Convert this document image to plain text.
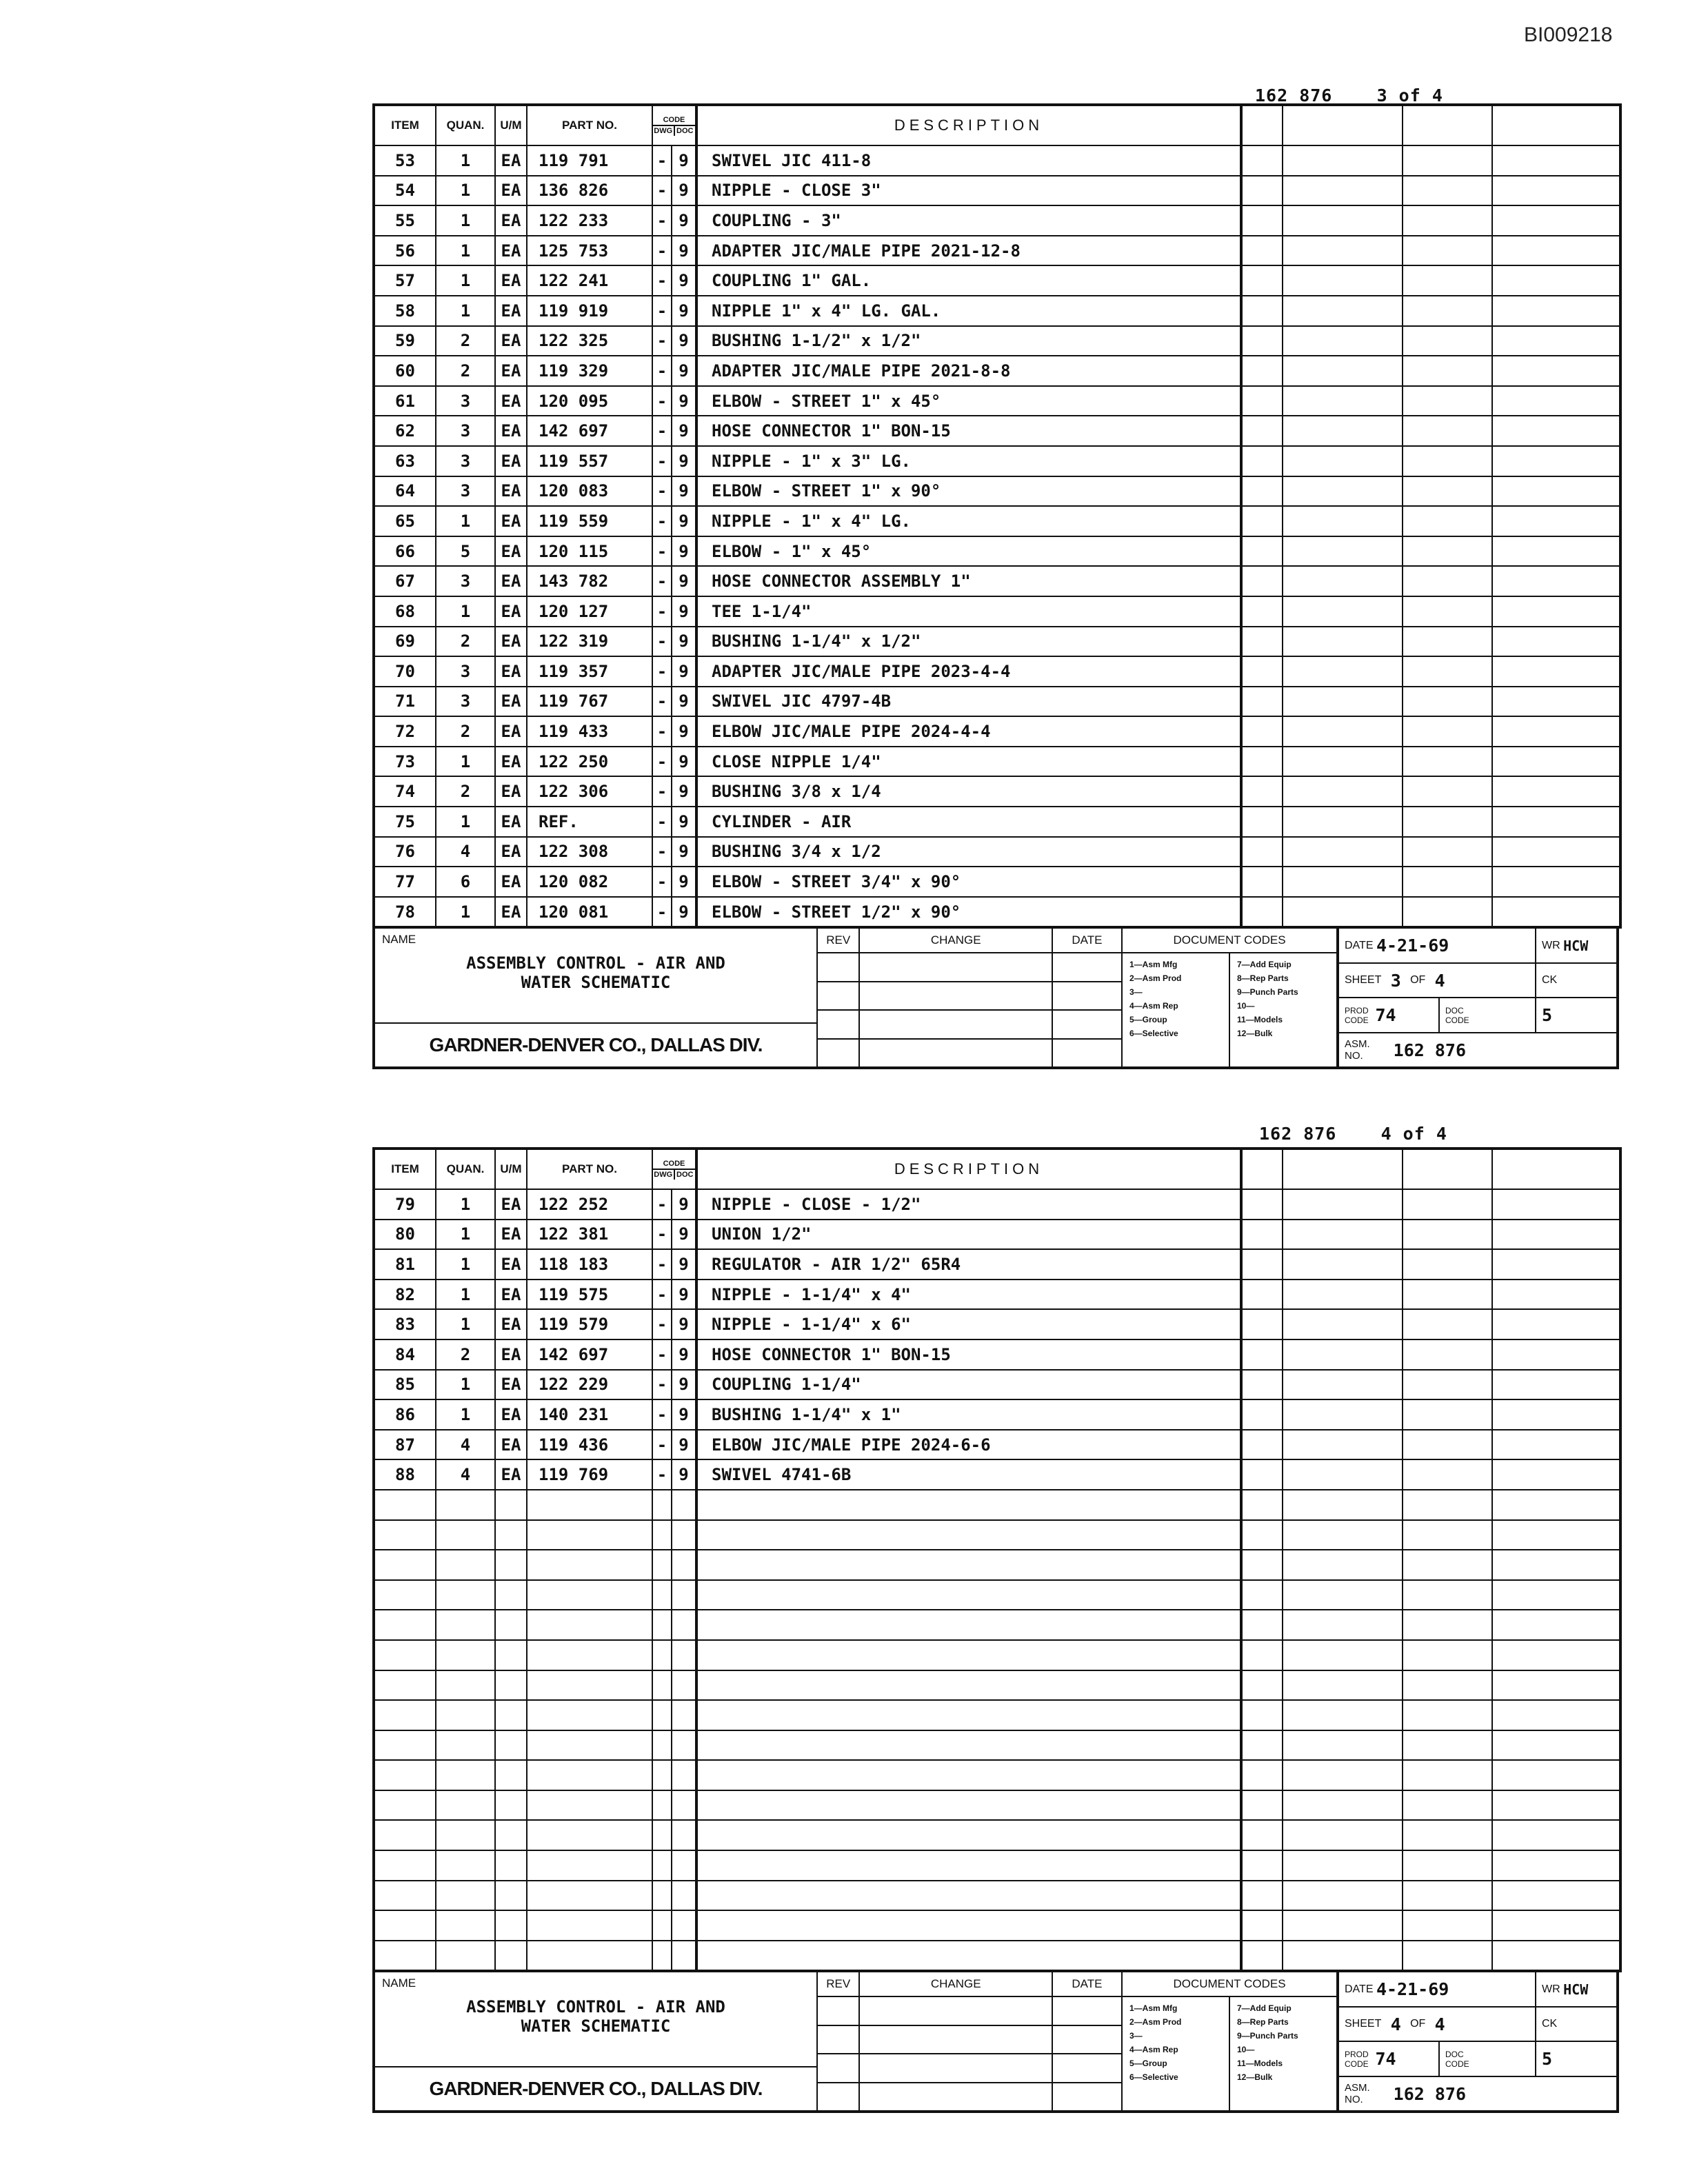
BI009218
162 876	3 of 4
ITEM	QUAN.	U/M	PART NO.	CODE
DWG DOC		DESCRIPTION				
53	1	EA	119 791	-	9	SWIVEL JIC 411-8				
54	1	EA	136 826	-	9	NIPPLE - CLOSE 3"				
55	1	EA	122 233	-	9	COUPLING - 3"				
56	1	EA	125 753	-	9	ADAPTER JIC/MALE PIPE 2021-12-8				
57	1	EA	122 241	-	9	COUPLING 1" GAL.				
58	1	EA	119 919	-	9	NIPPLE 1" x 4" LG. GAL.				
59	2	EA	122 325	-	9	BUSHING 1-1/2" x 1/2"				
60	2	EA	119 329	-	9	ADAPTER JIC/MALE PIPE 2021-8-8				
61	3	EA	120 095	-	9	ELBOW - STREET 1" x 45°				
62	3	EA	142 697	-	9	HOSE CONNECTOR 1" BON-15				
63	3	EA	119 557	-	9	NIPPLE - 1" x 3" LG.				
64	3	EA	120 083	-	9	ELBOW - STREET 1" x 90°				
65	1	EA	119 559	-	9	NIPPLE - 1" x 4" LG.				
66	5	EA	120 115	-	9	ELBOW - 1" x 45°				
67	3	EA	143 782	-	9	HOSE CONNECTOR ASSEMBLY 1"				
68	1	EA	120 127	-	9	TEE 1-1/4"				
69	2	EA	122 319	-	9	BUSHING 1-1/4" x 1/2"				
70	3	EA	119 357	-	9	ADAPTER JIC/MALE PIPE 2023-4-4				
71	3	EA	119 767	-	9	SWIVEL JIC 4797-4B				
72	2	EA	119 433	-	9	ELBOW JIC/MALE PIPE 2024-4-4				
73	1	EA	122 250	-	9	CLOSE NIPPLE 1/4"				
74	2	EA	122 306	-	9	BUSHING 3/8 x 1/4				
75	1	EA	REF.	-	9	CYLINDER - AIR				
76	4	EA	122 308	-	9	BUSHING 3/4 x 1/2				
77	6	EA	120 082	-	9	ELBOW - STREET 3/4" x 90°				
78	1	EA	120 081	-	9	ELBOW - STREET 1/2" x 90°				
NAME
ASSEMBLY CONTROL - AIR AND
WATER SCHEMATIC
GARDNER-DENVER CO., DALLAS DIV.
REV	CHANGE	DATE	DOCUMENT CODES
1—Asm Mfg
2—Asm Prod
3—
4—Asm Rep
5—Group
6—Selective
7—Add Equip
8—Rep Parts
9—Punch Parts
10—
11—Models
12—Bulk
DATE
4-21-69	WR
HCW
SHEET
3
OF
4	CK
PROD CODE
74	DOC CODE	5
ASM. NO.
	162 876
162 876	4 of 4
ITEM	QUAN.	U/M	PART NO.	CODE
DWG DOC		DESCRIPTION				
79	1	EA	122 252	-	9	NIPPLE - CLOSE - 1/2"				
80	1	EA	122 381	-	9	UNION 1/2"				
81	1	EA	118 183	-	9	REGULATOR - AIR 1/2" 65R4				
82	1	EA	119 575	-	9	NIPPLE - 1-1/4" x 4"				
83	1	EA	119 579	-	9	NIPPLE - 1-1/4" x 6"				
84	2	EA	142 697	-	9	HOSE CONNECTOR 1" BON-15				
85	1	EA	122 229	-	9	COUPLING 1-1/4"				
86	1	EA	140 231	-	9	BUSHING 1-1/4" x 1"				
87	4	EA	119 436	-	9	ELBOW JIC/MALE PIPE 2024-6-6				
88	4	EA	119 769	-	9	SWIVEL 4741-6B				

NAME
ASSEMBLY CONTROL - AIR AND
WATER SCHEMATIC
GARDNER-DENVER CO., DALLAS DIV.
REV	CHANGE	DATE	DOCUMENT CODES
1—Asm Mfg
2—Asm Prod
3—
4—Asm Rep
5—Group
6—Selective
7—Add Equip
8—Rep Parts
9—Punch Parts
10—
11—Models
12—Bulk
DATE
4-21-69	WR
HCW
SHEET
4
OF
4	CK
PROD CODE
74	DOC CODE	5
ASM. NO.
	162 876
